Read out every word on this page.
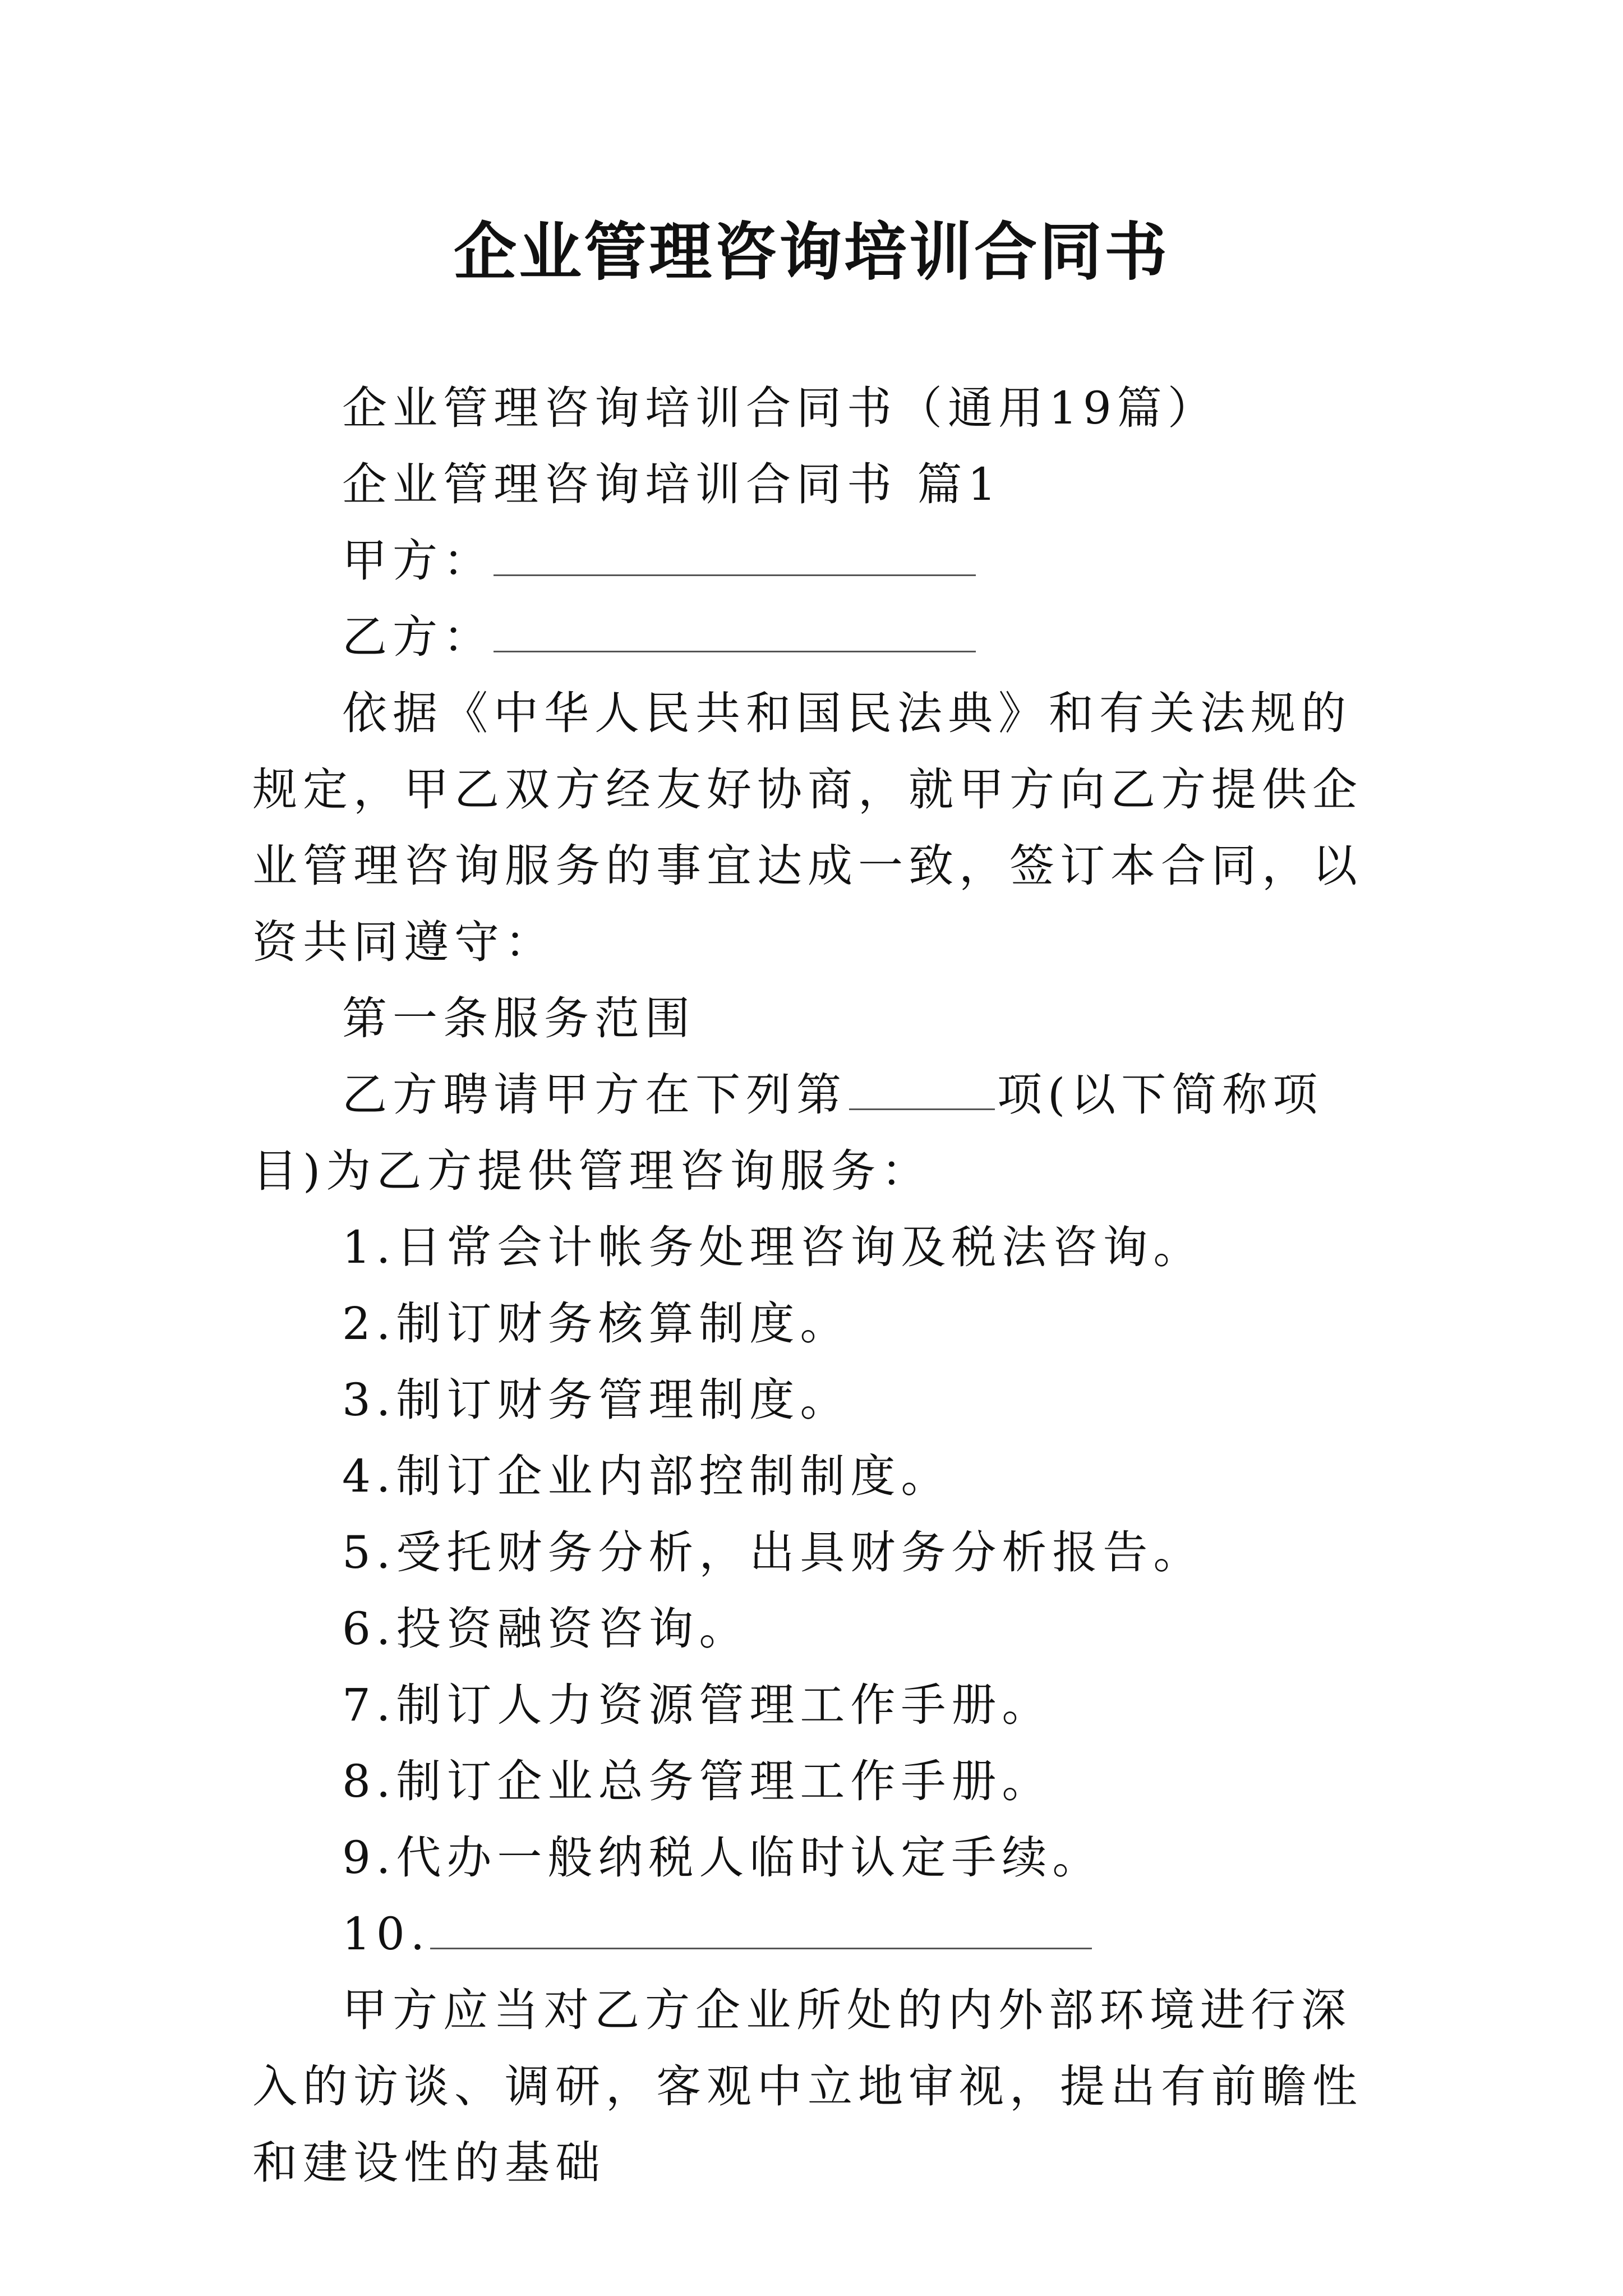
企业管理咨询培训合同书
企业管理咨询培训合同书（通用19篇）
企业管理咨询培训合同书 篇1
甲方：
乙方：
依据《中华人民共和国民法典》和有关法规的规定，甲乙双方经友好协商，就甲方向乙方提供企业管理咨询服务的事宜达成一致，签订本合同，以资共同遵守：
第一条服务范围
乙方聘请甲方在下列第	项(以下简称项目)为乙方提供管理咨询服务：
1.日常会计帐务处理咨询及税法咨询。
2.制订财务核算制度。
3.制订财务管理制度。
4.制订企业内部控制制度。
5.受托财务分析，出具财务分析报告。
6.投资融资咨询。
7.制订人力资源管理工作手册。
8.制订企业总务管理工作手册。
9.代办一般纳税人临时认定手续。
10.
甲方应当对乙方企业所处的内外部环境进行深入的访谈、调研，客观中立地审视，提出有前瞻性和建设性的基础
